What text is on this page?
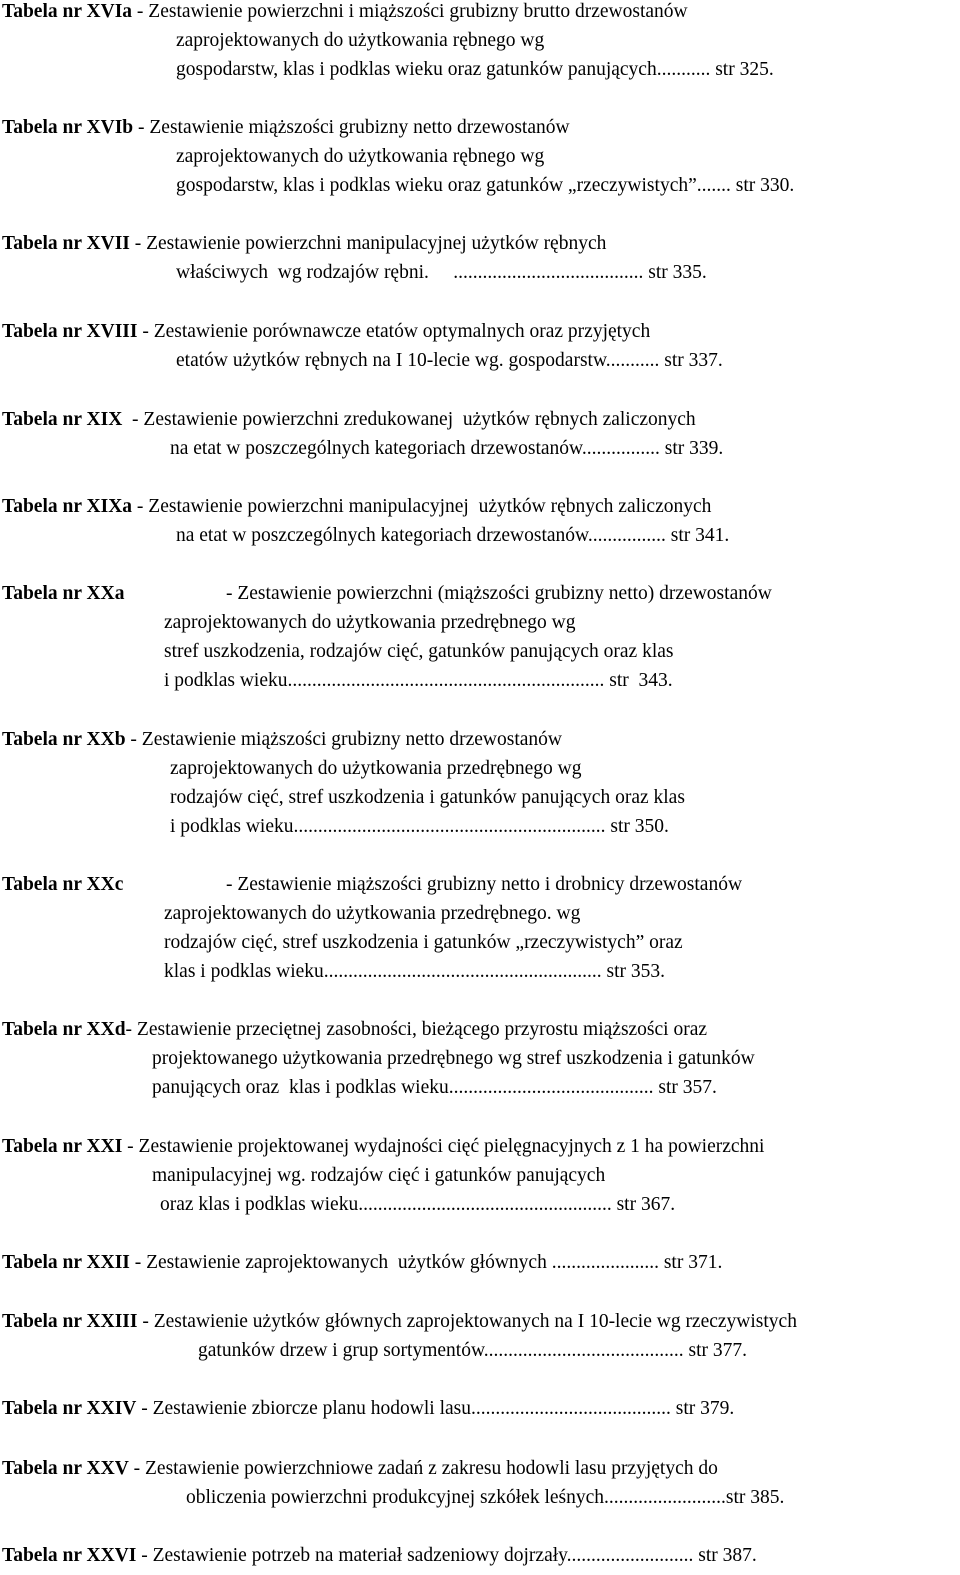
Tabela nr XVIa - Zestawienie powierzchni i miąższości grubizny brutto drzewostanów
zaprojektowanych do użytkowania rębnego wg
gospodarstw, klas i podklas wieku oraz gatunków panujących........... str 325.
Tabela nr XVIb - Zestawienie miąższości grubizny netto drzewostanów
zaprojektowanych do użytkowania rębnego wg
gospodarstw, klas i podklas wieku oraz gatunków „rzeczywistych”....... str 330.
Tabela nr XVII - Zestawienie powierzchni manipulacyjnej użytków rębnych
właściwych  wg rodzajów rębni.     ....................................... str 335.
Tabela nr XVIII - Zestawienie porównawcze etatów optymalnych oraz przyjętych
etatów użytków rębnych na I 10-lecie wg. gospodarstw........... str 337.
Tabela nr XIX  - Zestawienie powierzchni zredukowanej  użytków rębnych zaliczonych
na etat w poszczególnych kategoriach drzewostanów................ str 339.
Tabela nr XIXa - Zestawienie powierzchni manipulacyjnej  użytków rębnych zaliczonych
na etat w poszczególnych kategoriach drzewostanów................ str 341.
Tabela nr XXa	- Zestawienie powierzchni (miąższości grubizny netto) drzewostanów
zaprojektowanych do użytkowania przedrębnego wg
stref uszkodzenia, rodzajów cięć, gatunków panujących oraz klas
i podklas wieku................................................................. str  343.
Tabela nr XXb - Zestawienie miąższości grubizny netto drzewostanów
zaprojektowanych do użytkowania przedrębnego wg
rodzajów cięć, stref uszkodzenia i gatunków panujących oraz klas
i podklas wieku................................................................ str 350.
Tabela nr XXc	- Zestawienie miąższości grubizny netto i drobnicy drzewostanów
zaprojektowanych do użytkowania przedrębnego. wg
rodzajów cięć, stref uszkodzenia i gatunków „rzeczywistych” oraz
klas i podklas wieku......................................................... str 353.
Tabela nr XXd- Zestawienie przeciętnej zasobności, bieżącego przyrostu miąższości oraz
projektowanego użytkowania przedrębnego wg stref uszkodzenia i gatunków
panujących oraz  klas i podklas wieku.......................................... str 357.
Tabela nr XXI - Zestawienie projektowanej wydajności cięć pielęgnacyjnych z 1 ha powierzchni
manipulacyjnej wg. rodzajów cięć i gatunków panujących
oraz klas i podklas wieku.................................................... str 367.
Tabela nr XXII - Zestawienie zaprojektowanych  użytków głównych ...................... str 371.
Tabela nr XXIII - Zestawienie użytków głównych zaprojektowanych na I 10-lecie wg rzeczywistych
gatunków drzew i grup sortymentów......................................... str 377.
Tabela nr XXIV - Zestawienie zbiorcze planu hodowli lasu......................................... str 379.
Tabela nr XXV - Zestawienie powierzchniowe zadań z zakresu hodowli lasu przyjętych do
obliczenia powierzchni produkcyjnej szkółek leśnych.........................str 385.
Tabela nr XXVI - Zestawienie potrzeb na materiał sadzeniowy dojrzały.......................... str 387.
